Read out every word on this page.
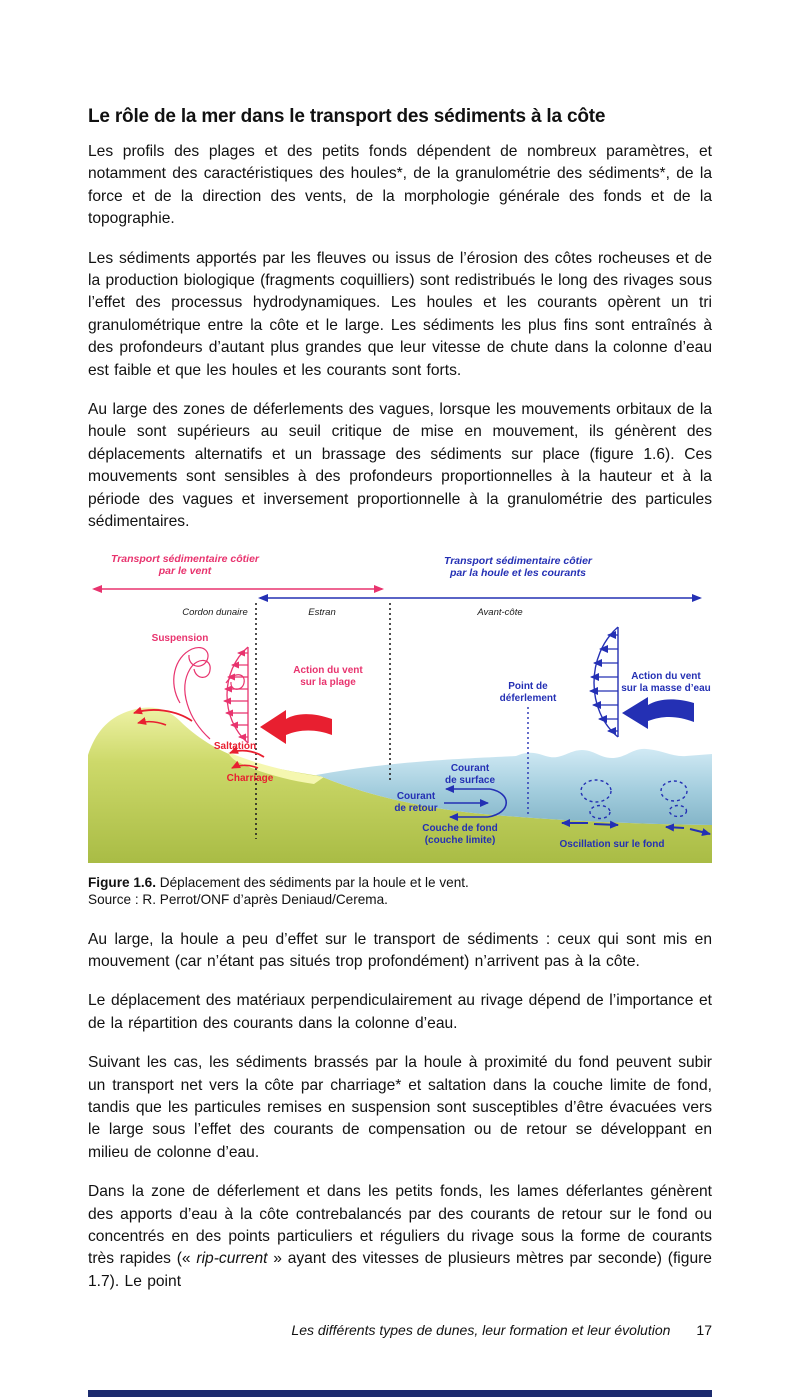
Le rôle de la mer dans le transport des sédiments à la côte

Les profils des plages et des petits fonds dépendent de nombreux paramètres, et notamment des caractéristiques des houles*, de la granulométrie des sédiments*, de la force et de la direction des vents, de la morphologie générale des fonds et de la topographie.

Les sédiments apportés par les fleuves ou issus de l’érosion des côtes rocheuses et de la production biologique (fragments coquilliers) sont redistribués le long des rivages sous l’effet des processus hydrodynamiques. Les houles et les courants opèrent un tri granulométrique entre la côte et le large. Les sédiments les plus fins sont entraînés à des profondeurs d’autant plus grandes que leur vitesse de chute dans la colonne d’eau est faible et que les houles et les courants sont forts.

Au large des zones de déferlements des vagues, lorsque les mouvements orbitaux de la houle sont supérieurs au seuil critique de mise en mouvement, ils génèrent des déplacements alternatifs et un brassage des sédiments sur place (figure 1.6). Ces mouvements sont sensibles à des profondeurs proportionnelles à la hauteur et à la période des vagues et inversement proportionnelle à la granulométrie des particules sédimentaires.

Transport sédimentaire côtier
par le vent
Transport sédimentaire côtier
par la houle et les courants
Cordon dunaire	Estran	Avant-côte
Suspension
Action du vent
sur la plage
Saltation
Charriage
Point de
déferlement
Action du vent
sur la masse d’eau
Courant
de surface
Courant
de retour
Couche de fond
(couche limite)	Oscillation sur le fond
Figure 1.6. Déplacement des sédiments par la houle et le vent.
Source : R. Perrot/ONF d’après Deniaud/Cerema.

Au large, la houle a peu d’effet sur le transport de sédiments : ceux qui sont mis en mouvement (car n’étant pas situés trop profondément) n’arrivent pas à la côte.

Le déplacement des matériaux perpendiculairement au rivage dépend de l’importance et de la répartition des courants dans la colonne d’eau.

Suivant les cas, les sédiments brassés par la houle à proximité du fond peuvent subir un transport net vers la côte par charriage* et saltation dans la couche limite de fond, tandis que les particules remises en suspension sont susceptibles d’être évacuées vers le large sous l’effet des courants de compensation ou de retour se développant en milieu de colonne d’eau.

Dans la zone de déferlement et dans les petits fonds, les lames déferlantes génèrent des apports d’eau à la côte contrebalancés par des courants de retour sur le fond ou concentrés en des points particuliers et réguliers du rivage sous la forme de courants très rapides (« rip-current » ayant des vitesses de plusieurs mètres par seconde) (figure 1.7). Le point

Les différents types de dunes, leur formation et leur évolution 17
